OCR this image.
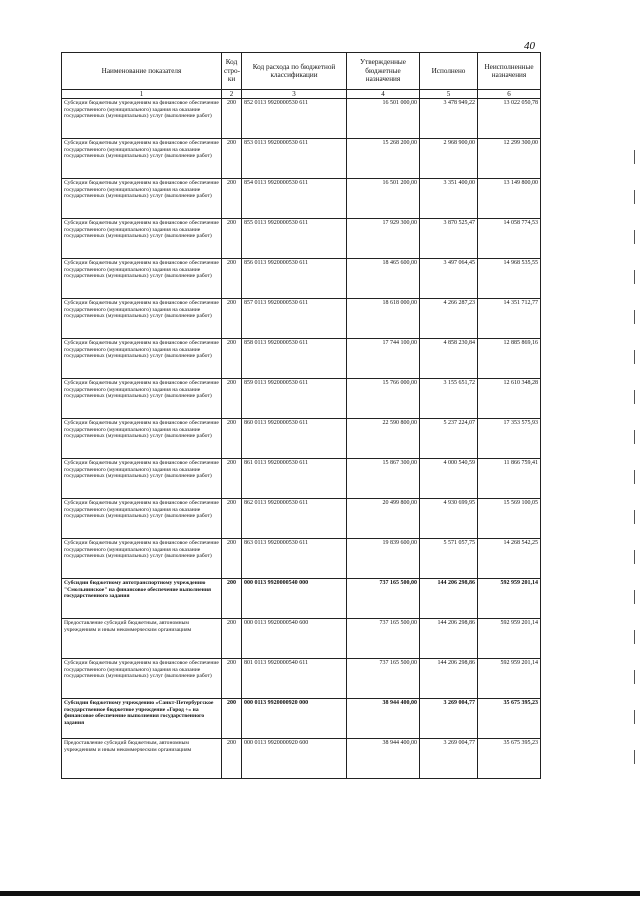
40
Наименование показателя	Код стро-ки	Код расхода по бюджетной классификации	Утвержденные бюджетные назначения	Исполнено	Неисполненные назначения
1	2	3	4	5	6
Субсидии бюджетным учреждениям на финансовое обеспечение государственного (муниципального) задания на оказание государственных (муниципальных) услуг (выполнение работ)	200	852 0113 9920000530 611	16 501 000,00	3 478 949,22	13 022 050,78
Субсидии бюджетным учреждениям на финансовое обеспечение государственного (муниципального) задания на оказание государственных (муниципальных) услуг (выполнение работ)	200	853 0113 9920000530 611	15 268 200,00	2 968 900,00	12 299 300,00
Субсидии бюджетным учреждениям на финансовое обеспечение государственного (муниципального) задания на оказание государственных (муниципальных) услуг (выполнение работ)	200	854 0113 9920000530 611	16 501 200,00	3 351 400,00	13 149 800,00
Субсидии бюджетным учреждениям на финансовое обеспечение государственного (муниципального) задания на оказание государственных (муниципальных) услуг (выполнение работ)	200	855 0113 9920000530 611	17 929 300,00	3 870 525,47	14 058 774,53
Субсидии бюджетным учреждениям на финансовое обеспечение государственного (муниципального) задания на оказание государственных (муниципальных) услуг (выполнение работ)	200	856 0113 9920000530 611	18 465 600,00	3 497 064,45	14 968 535,55
Субсидии бюджетным учреждениям на финансовое обеспечение государственного (муниципального) задания на оказание государственных (муниципальных) услуг (выполнение работ)	200	857 0113 9920000530 611	18 618 000,00	4 266 287,23	14 351 712,77
Субсидии бюджетным учреждениям на финансовое обеспечение государственного (муниципального) задания на оказание государственных (муниципальных) услуг (выполнение работ)	200	858 0113 9920000530 611	17 744 100,00	4 858 230,84	12 885 869,16
Субсидии бюджетным учреждениям на финансовое обеспечение государственного (муниципального) задания на оказание государственных (муниципальных) услуг (выполнение работ)	200	859 0113 9920000530 611	15 766 000,00	3 155 651,72	12 610 348,28
Субсидии бюджетным учреждениям на финансовое обеспечение государственного (муниципального) задания на оказание государственных (муниципальных) услуг (выполнение работ)	200	860 0113 9920000530 611	22 590 800,00	5 237 224,07	17 353 575,93
Субсидии бюджетным учреждениям на финансовое обеспечение государственного (муниципального) задания на оказание государственных (муниципальных) услуг (выполнение работ)	200	861 0113 9920000530 611	15 867 300,00	4 000 540,59	11 866 759,41
Субсидии бюджетным учреждениям на финансовое обеспечение государственного (муниципального) задания на оказание государственных (муниципальных) услуг (выполнение работ)	200	862 0113 9920000530 611	20 499 800,00	4 930 699,95	15 569 100,05
Субсидии бюджетным учреждениям на финансовое обеспечение государственного (муниципального) задания на оказание государственных (муниципальных) услуг (выполнение работ)	200	863 0113 9920000530 611	19 839 600,00	5 571 057,75	14 268 542,25
Субсидии бюджетному автотранспортному учреждению "Смольнинское" на финансовое обеспечение выполнения государственного задания	200	000 0113 9920000540 000	737 165 500,00	144 206 298,86	592 959 201,14
Предоставление субсидий бюджетным, автономным учреждениям и иным некоммерческим организациям	200	000 0113 9920000540 600	737 165 500,00	144 206 298,86	592 959 201,14
Субсидии бюджетным учреждениям на финансовое обеспечение государственного (муниципального) задания на оказание государственных (муниципальных) услуг (выполнение работ)	200	801 0113 9920000540 611	737 165 500,00	144 206 298,86	592 959 201,14
Субсидии бюджетному учреждению «Санкт-Петербургское государственное бюджетное учреждение «Город +» на финансовое обеспечение выполнения государственного задания	200	000 0113 9920000920 000	38 944 400,00	3 269 004,77	35 675 395,23
Предоставление субсидий бюджетным, автономным учреждениям и иным некоммерческим организациям	200	000 0113 9920000920 600	38 944 400,00	3 269 004,77	35 675 395,23
